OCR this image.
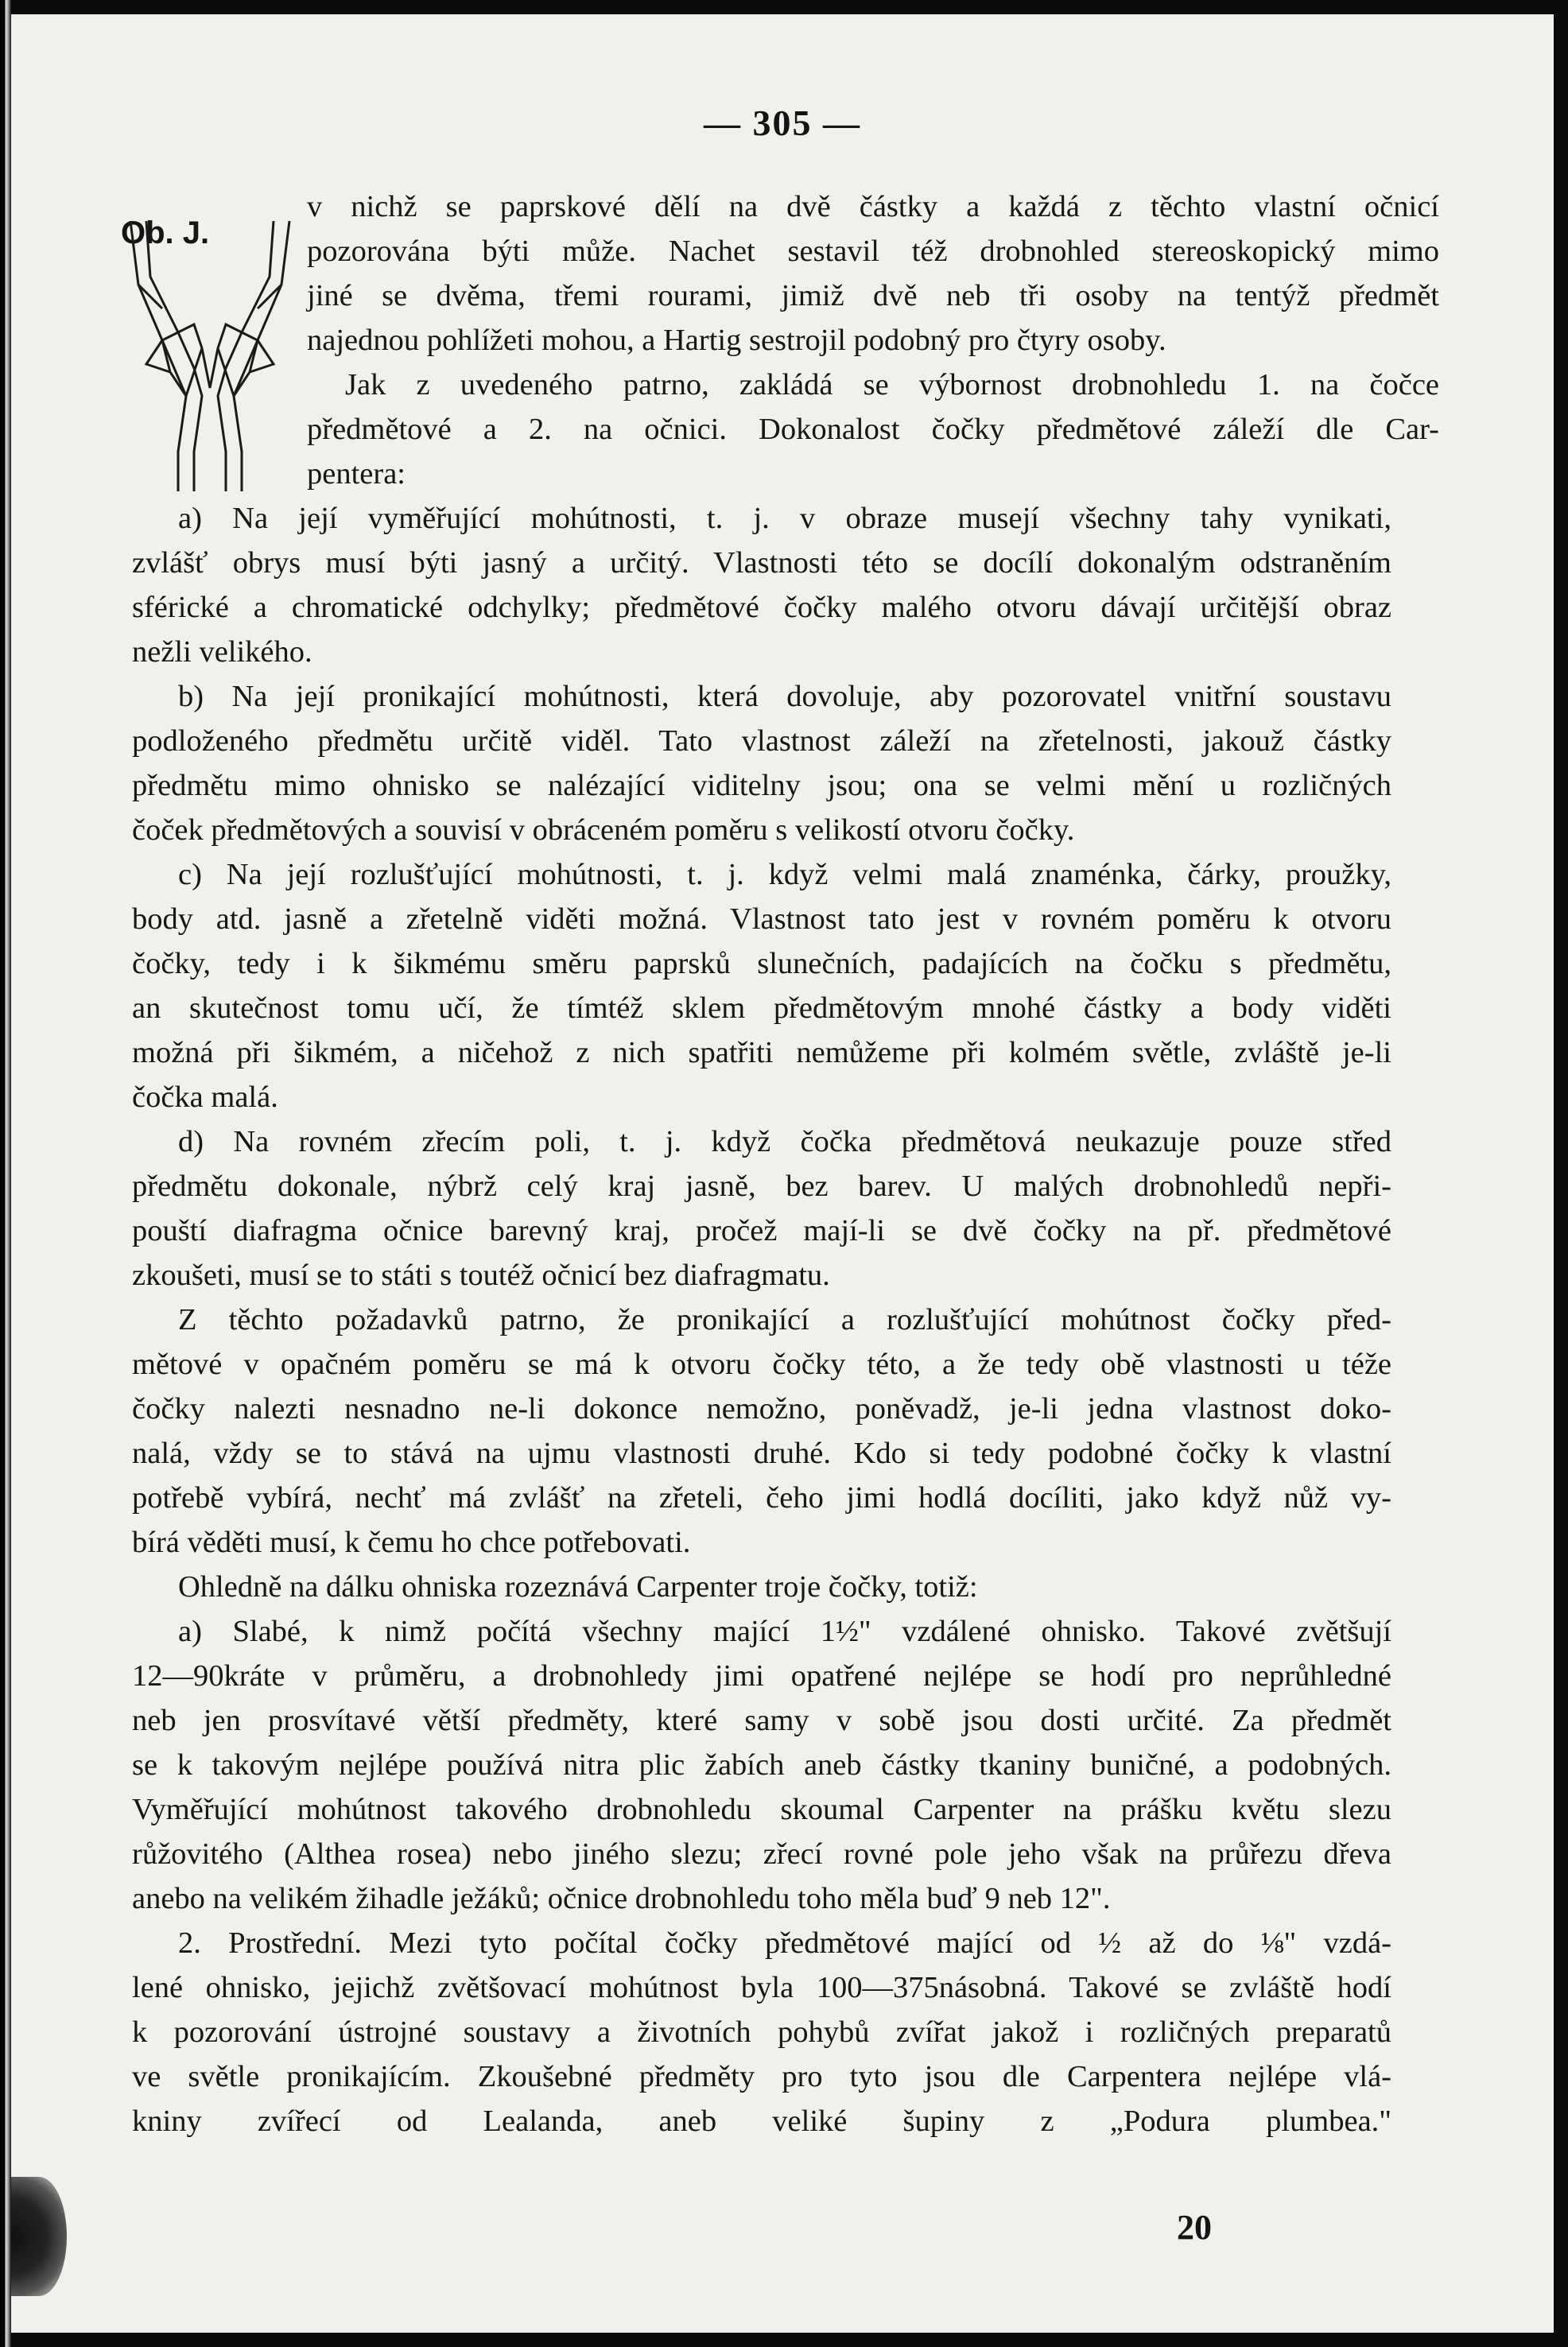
— 305 —
Ob. J.
v nichž se paprskové dělí na dvě částky a každá z těchto vlastní očnicí
pozorována býti může. Nachet sestavil též drobnohled stereoskopický mimo
jiné se dvěma, třemi rourami, jimiž dvě neb tři osoby na tentýž předmět
najednou pohlížeti mohou, a Hartig sestrojil podobný pro čtyry osoby.
Jak z uvedeného patrno, zakládá se výbornost drobnohledu 1. na čočce
předmětové a 2. na očnici. Dokonalost čočky předmětové záleží dle Car-
pentera:
a) Na její vyměřující mohútnosti, t. j. v obraze musejí všechny tahy vynikati,
zvlášť obrys musí býti jasný a určitý. Vlastnosti této se docílí dokonalým odstraněním
sférické a chromatické odchylky; předmětové čočky malého otvoru dávají určitější obraz
nežli velikého.
b) Na její pronikající mohútnosti, která dovoluje, aby pozorovatel vnitřní soustavu
podloženého předmětu určitě viděl. Tato vlastnost záleží na zřetelnosti, jakouž částky
předmětu mimo ohnisko se nalézající viditelny jsou; ona se velmi mění u rozličných
čoček předmětových a souvisí v obráceném poměru s velikostí otvoru čočky.
c) Na její rozlušťující mohútnosti, t. j. když velmi malá znaménka, čárky, proužky,
body atd. jasně a zřetelně viděti možná. Vlastnost tato jest v rovném poměru k otvoru
čočky, tedy i k šikmému směru paprsků slunečních, padajících na čočku s předmětu,
an skutečnost tomu učí, že tímtéž sklem předmětovým mnohé částky a body viděti
možná při šikmém, a ničehož z nich spatřiti nemůžeme při kolmém světle, zvláště je-li
čočka malá.
d) Na rovném zřecím poli, t. j. když čočka předmětová neukazuje pouze střed
předmětu dokonale, nýbrž celý kraj jasně, bez barev. U malých drobnohledů nepři-
pouští diafragma očnice barevný kraj, pročež mají-li se dvě čočky na př. předmětové
zkoušeti, musí se to státi s toutéž očnicí bez diafragmatu.
Z těchto požadavků patrno, že pronikající a rozlušťující mohútnost čočky před-
mětové v opačném poměru se má k otvoru čočky této, a že tedy obě vlastnosti u téže
čočky nalezti nesnadno ne-li dokonce nemožno, poněvadž, je-li jedna vlastnost doko-
nalá, vždy se to stává na ujmu vlastnosti druhé. Kdo si tedy podobné čočky k vlastní
potřebě vybírá, nechť má zvlášť na zřeteli, čeho jimi hodlá docíliti, jako když nůž vy-
bírá věděti musí, k čemu ho chce potřebovati.
Ohledně na dálku ohniska rozeznává Carpenter troje čočky, totiž:
a) Slabé, k nimž počítá všechny mající 1½" vzdálené ohnisko. Takové zvětšují
12—90kráte v průměru, a drobnohledy jimi opatřené nejlépe se hodí pro neprůhledné
neb jen prosvítavé větší předměty, které samy v sobě jsou dosti určité. Za předmět
se k takovým nejlépe používá nitra plic žabích aneb částky tkaniny buničné, a podobných.
Vyměřující mohútnost takového drobnohledu skoumal Carpenter na prášku květu slezu
růžovitého (Althea rosea) nebo jiného slezu; zřecí rovné pole jeho však na průřezu dřeva
anebo na velikém žihadle ježáků; očnice drobnohledu toho měla buď 9 neb 12".
2. Prostřední. Mezi tyto počítal čočky předmětové mající od ½ až do ⅛" vzdá-
lené ohnisko, jejichž zvětšovací mohútnost byla 100—375násobná. Takové se zvláště hodí
k pozorování ústrojné soustavy a životních pohybů zvířat jakož i rozličných preparatů
ve světle pronikajícím. Zkoušebné předměty pro tyto jsou dle Carpentera nejlépe vlá-
kniny zvířecí od Lealanda, aneb veliké šupiny z „Podura plumbea."
20
